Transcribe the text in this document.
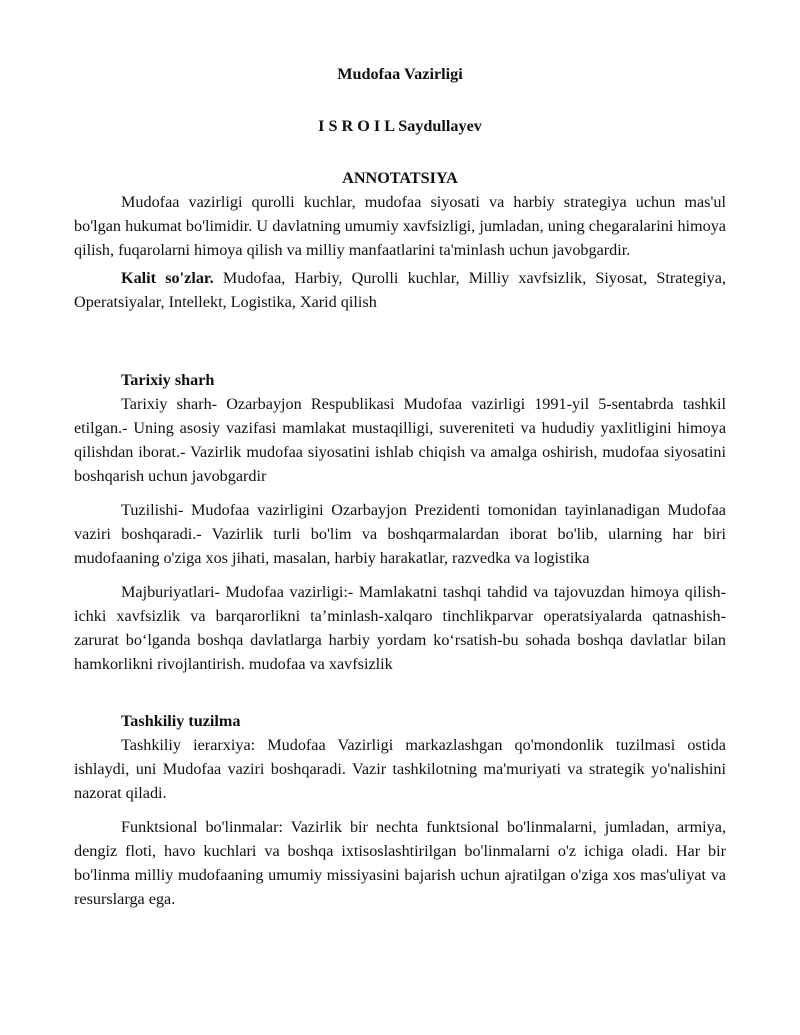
Mudofaa Vazirligi
I S R O I L Saydullayev
ANNOTATSIYA

Mudofaa vazirligi qurolli kuchlar, mudofaa siyosati va harbiy strategiya uchun mas'ul bo'lgan hukumat bo'limidir. U davlatning umumiy xavfsizligi, jumladan, uning chegaralarini himoya qilish, fuqarolarni himoya qilish va milliy manfaatlarini ta'minlash uchun javobgardir.

Kalit so'zlar. Mudofaa, Harbiy, Qurolli kuchlar, Milliy xavfsizlik, Siyosat, Strategiya, Operatsiyalar, Intellekt, Logistika, Xarid qilish

Tarixiy sharh

Tarixiy sharh- Ozarbayjon Respublikasi Mudofaa vazirligi 1991-yil 5-sentabrda tashkil etilgan.- Uning asosiy vazifasi mamlakat mustaqilligi, suvereniteti va hududiy yaxlitligini himoya qilishdan iborat.- Vazirlik mudofaa siyosatini ishlab chiqish va amalga oshirish, mudofaa siyosatini boshqarish uchun javobgardir

Tuzilishi- Mudofaa vazirligini Ozarbayjon Prezidenti tomonidan tayinlanadigan Mudofaa vaziri boshqaradi.- Vazirlik turli bo'lim va boshqarmalardan iborat bo'lib, ularning har biri mudofaaning o'ziga xos jihati, masalan, harbiy harakatlar, razvedka va logistika

Majburiyatlari- Mudofaa vazirligi:- Mamlakatni tashqi tahdid va tajovuzdan himoya qilish-ichki xavfsizlik va barqarorlikni ta’minlash-xalqaro tinchlikparvar operatsiyalarda qatnashish-zarurat bo‘lganda boshqa davlatlarga harbiy yordam ko‘rsatish-bu sohada boshqa davlatlar bilan hamkorlikni rivojlantirish. mudofaa va xavfsizlik

Tashkiliy tuzilma

Tashkiliy ierarxiya: Mudofaa Vazirligi markazlashgan qo'mondonlik tuzilmasi ostida ishlaydi, uni Mudofaa vaziri boshqaradi. Vazir tashkilotning ma'muriyati va strategik yo'nalishini nazorat qiladi.

Funktsional bo'linmalar: Vazirlik bir nechta funktsional bo'linmalarni, jumladan, armiya, dengiz floti, havo kuchlari va boshqa ixtisoslashtirilgan bo'linmalarni o'z ichiga oladi. Har bir bo'linma milliy mudofaaning umumiy missiyasini bajarish uchun ajratilgan o'ziga xos mas'uliyat va resurslarga ega.
